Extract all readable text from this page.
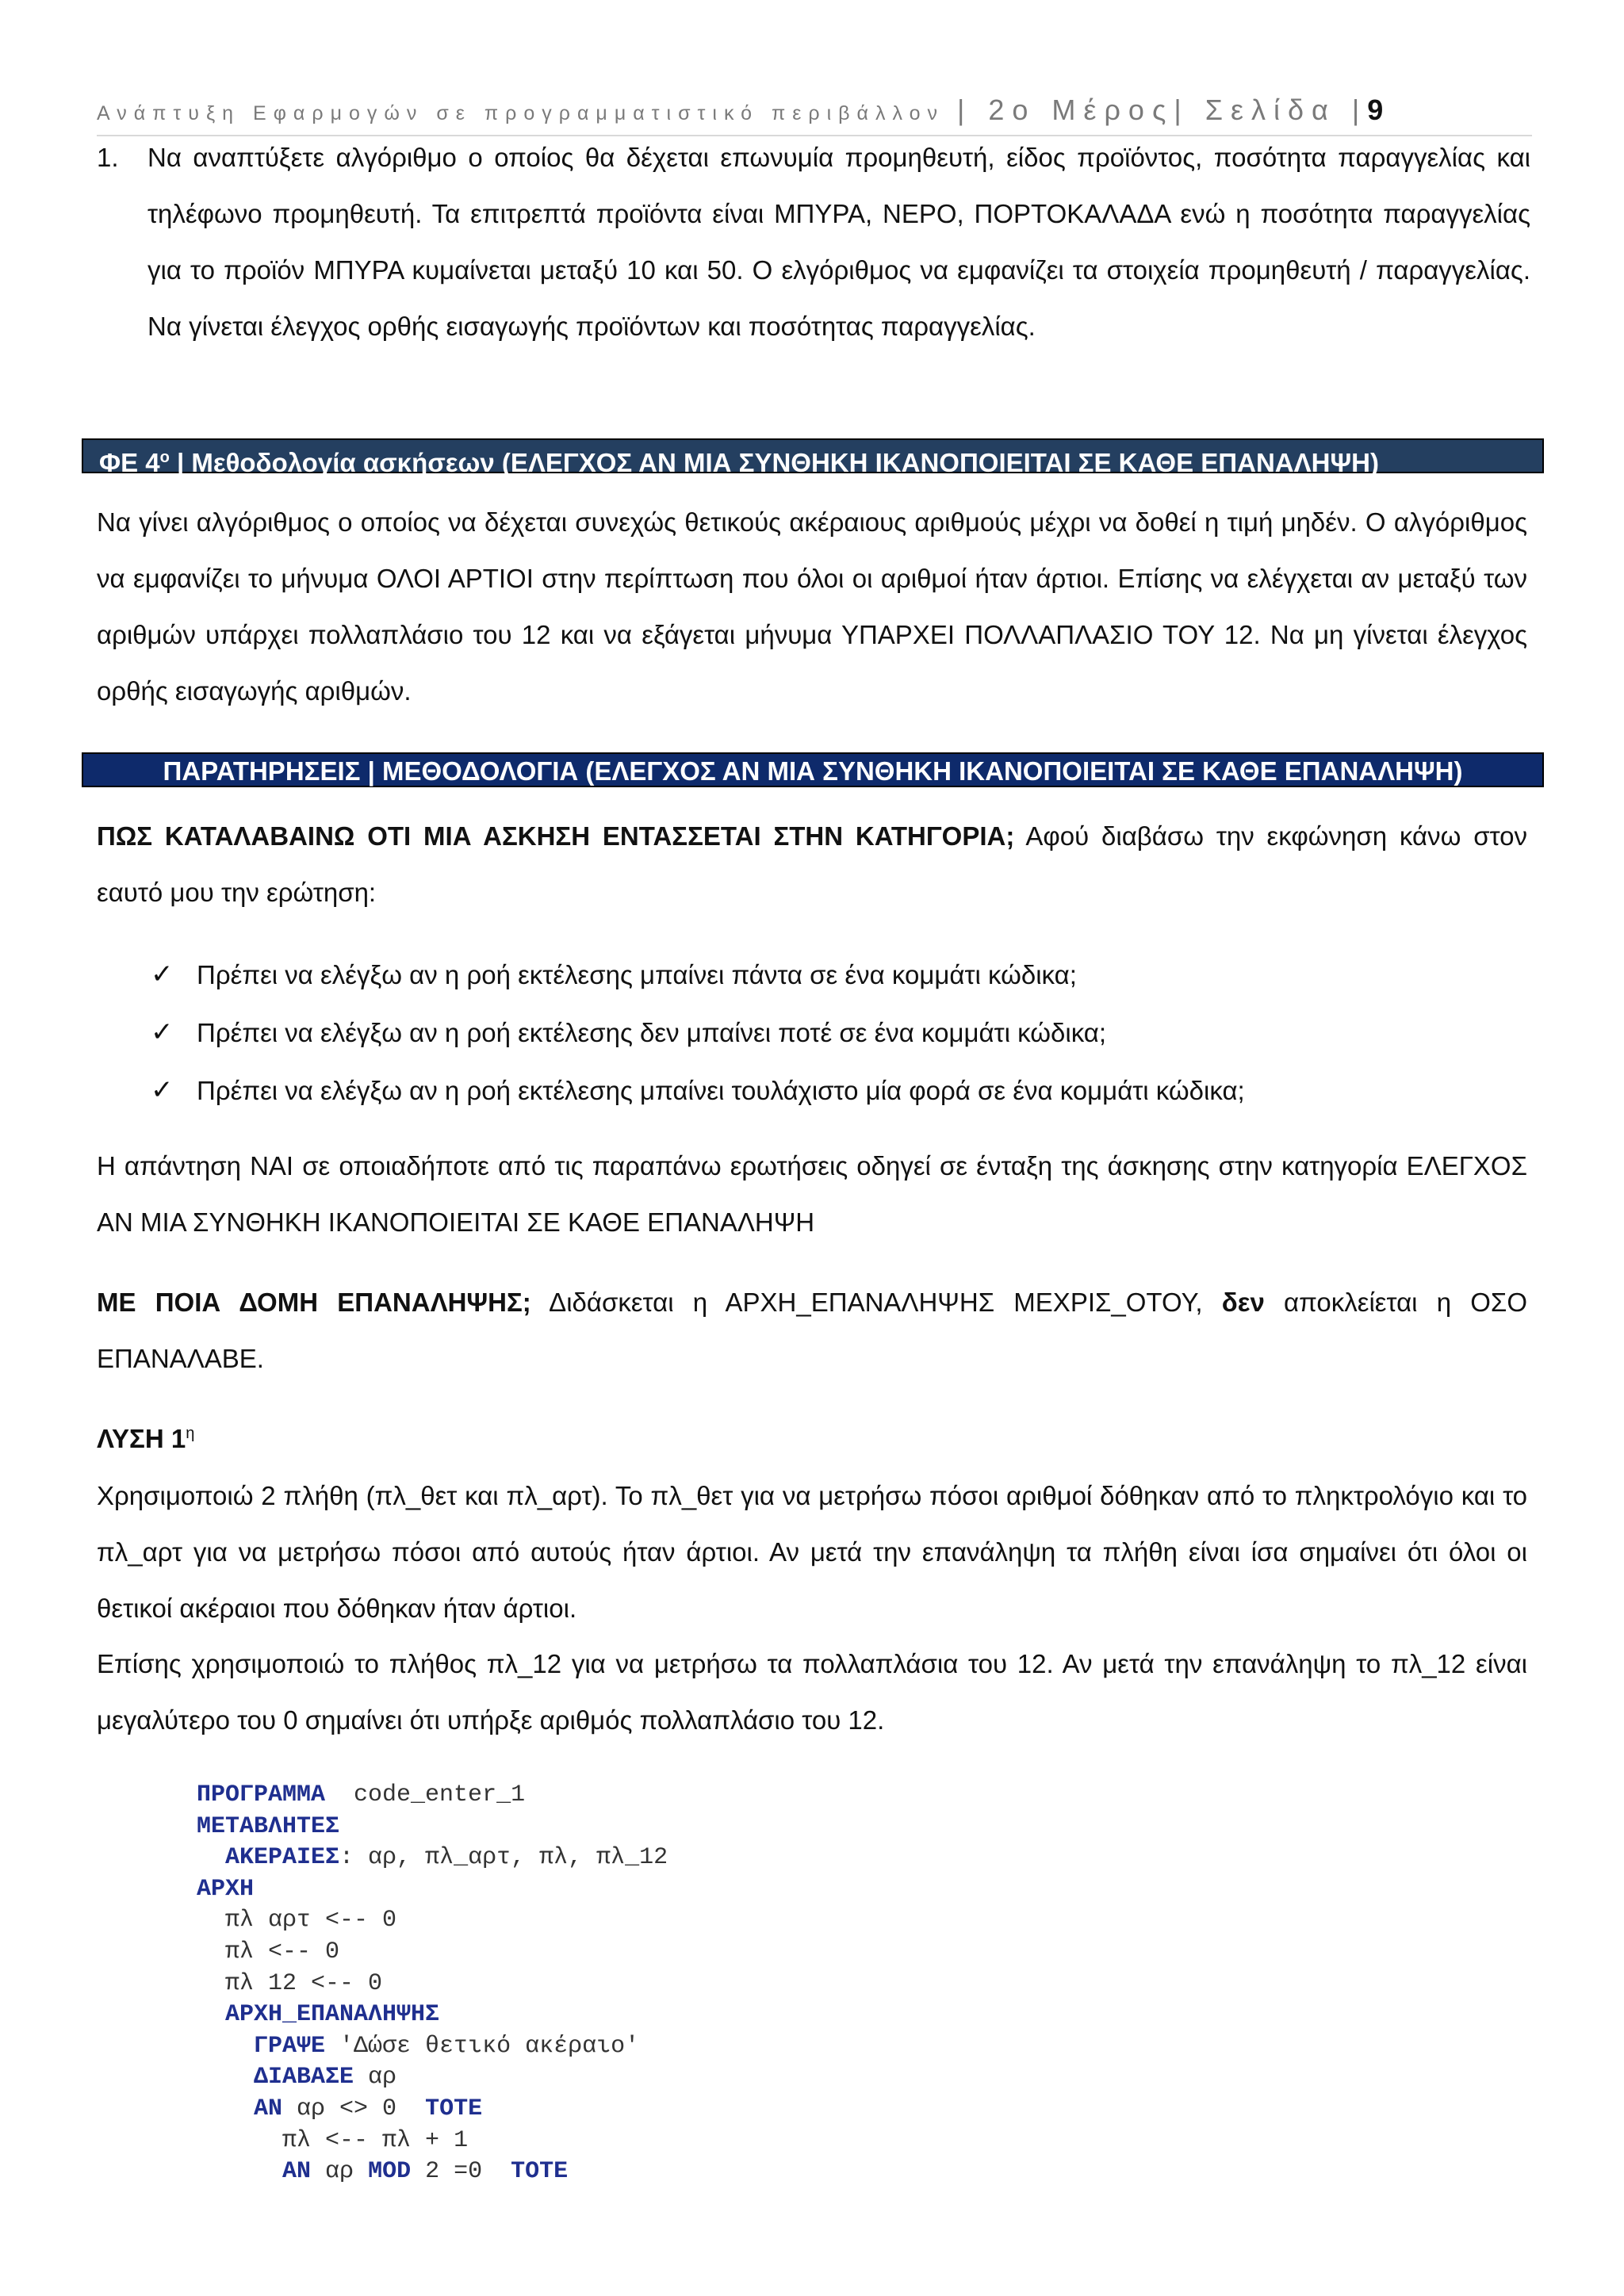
Ανάπτυξη Εφαρμογών σε προγραμματιστικό περιβάλλον | 2ο Μέρος| Σελίδα |9
1. Να αναπτύξετε αλγόριθμο ο οποίος θα δέχεται επωνυμία προμηθευτή, είδος προϊόντος, ποσότητα παραγγελίας και τηλέφωνο προμηθευτή. Τα επιτρεπτά προϊόντα είναι ΜΠΥΡΑ, ΝΕΡΟ, ΠΟΡΤΟΚΑΛΑΔΑ ενώ η ποσότητα παραγγελίας για το προϊόν ΜΠΥΡΑ κυμαίνεται μεταξύ 10 και 50. Ο ελγόριθμος να εμφανίζει τα στοιχεία προμηθευτή / παραγγελίας. Να γίνεται έλεγχος ορθής εισαγωγής προϊόντων και ποσότητας παραγγελίας.
ΦΕ $4^o$ | Μεθοδολογία ασκήσεων (ΕΛΕΓΧΟΣ ΑΝ ΜΙΑ ΣΥΝΘΗΚΗ ΙΚΑΝΟΠΟΙΕΙΤΑΙ ΣΕ ΚΑΘΕ ΕΠΑΝΑΛΗΨΗ)
Να γίνει αλγόριθμος ο οποίος να δέχεται συνεχώς θετικούς ακέραιους αριθμούς μέχρι να δοθεί η τιμή μηδέν. Ο αλγόριθμος να εμφανίζει το μήνυμα ΟΛΟΙ ΑΡΤΙΟΙ στην περίπτωση που όλοι οι αριθμοί ήταν άρτιοι. Επίσης να ελέγχεται αν μεταξύ των αριθμών υπάρχει πολλαπλάσιο του 12 και να εξάγεται μήνυμα ΥΠΑΡΧΕΙ ΠΟΛΛΑΠΛΑΣΙΟ ΤΟΥ 12. Να μη γίνεται έλεγχος ορθής εισαγωγής αριθμών.
ΠΑΡΑΤΗΡΗΣΕΙΣ | ΜΕΘΟΔΟΛΟΓΙΑ (ΕΛΕΓΧΟΣ ΑΝ ΜΙΑ ΣΥΝΘΗΚΗ ΙΚΑΝΟΠΟΙΕΙΤΑΙ ΣΕ ΚΑΘΕ ΕΠΑΝΑΛΗΨΗ)
ΠΩΣ ΚΑΤΑΛΑΒΑΙΝΩ ΟΤΙ ΜΙΑ ΑΣΚΗΣΗ ΕΝΤΑΣΣΕΤΑΙ ΣΤΗΝ ΚΑΤΗΓΟΡΙΑ; Αφού διαβάσω την εκφώνηση κάνω στον εαυτό μου την ερώτηση:
✓ Πρέπει να ελέγξω αν η ροή εκτέλεσης μπαίνει πάντα σε ένα κομμάτι κώδικα;
✓ Πρέπει να ελέγξω αν η ροή εκτέλεσης δεν μπαίνει ποτέ σε ένα κομμάτι κώδικα;
✓ Πρέπει να ελέγξω αν η ροή εκτέλεσης μπαίνει τουλάχιστο μία φορά σε ένα κομμάτι κώδικα;
Η απάντηση ΝΑΙ σε οποιαδήποτε από τις παραπάνω ερωτήσεις οδηγεί σε ένταξη της άσκησης στην κατηγορία ΕΛΕΓΧΟΣ ΑΝ ΜΙΑ ΣΥΝΘΗΚΗ ΙΚΑΝΟΠΟΙΕΙΤΑΙ ΣΕ ΚΑΘΕ ΕΠΑΝΑΛΗΨΗ
ΜΕ ΠΟΙΑ ΔΟΜΗ ΕΠΑΝΑΛΗΨΗΣ; Διδάσκεται η ΑΡΧΗ_ΕΠΑΝΑΛΗΨΗΣ ΜΕΧΡΙΣ_ΟΤΟΥ, δεν αποκλείεται η ΟΣΟ ΕΠΑΝΑΛΑΒΕ.
ΛΥΣΗ $1^\eta$
Χρησιμοποιώ 2 πλήθη (πλ_θετ και πλ_αρτ). Το πλ_θετ για να μετρήσω πόσοι αριθμοί δόθηκαν από το πληκτρολόγιο και το πλ_αρτ για να μετρήσω πόσοι από αυτούς ήταν άρτιοι. Αν μετά την επανάληψη τα πλήθη είναι ίσα σημαίνει ότι όλοι οι θετικοί ακέραιοι που δόθηκαν ήταν άρτιοι.
Επίσης χρησιμοποιώ το πλήθος πλ_12 για να μετρήσω τα πολλαπλάσια του 12. Αν μετά την επανάληψη το πλ_12 είναι μεγαλύτερο του 0 σημαίνει ότι υπήρξε αριθμός πολλαπλάσιο του 12.
ΠΡΟΓΡΑΜΜΑ  code_enter_1
ΜΕΤΑΒΛΗΤΕΣ
ΑΚΕΡΑΙΕΣ: αρ, πλ_αρτ, πλ, πλ_12
ΑΡΧΗ
πλ αρτ <-- 0
πλ <-- 0
πλ 12 <-- 0
ΑΡΧΗ_ΕΠΑΝΑΛΗΨΗΣ
ΓΡΑΨΕ 'Δώσε θετικό ακέραιο'
ΔΙΑΒΑΣΕ αρ
ΑΝ αρ <> 0  ΤΟΤΕ
πλ <-- πλ + 1
ΑΝ αρ MOD 2 =0  ΤΟΤΕ
